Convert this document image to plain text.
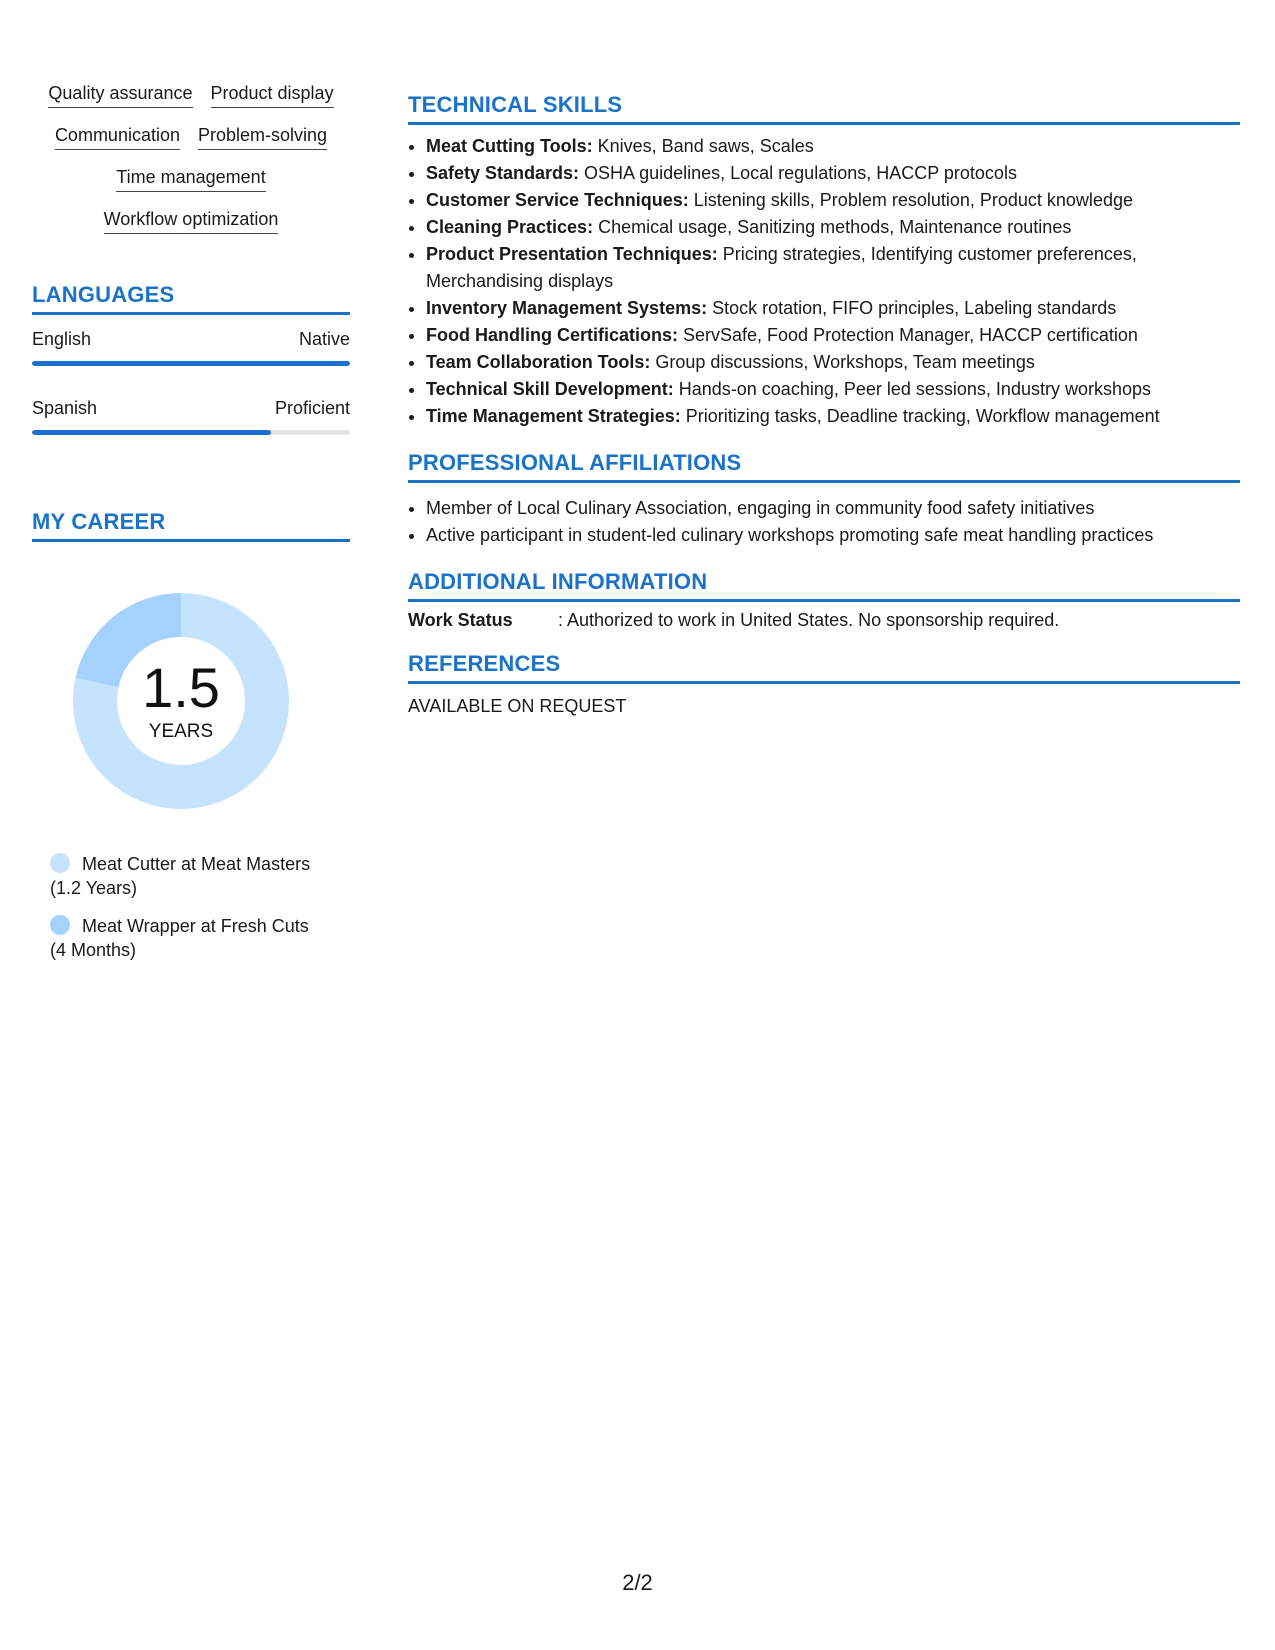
Quality assurance Product display
Communication Problem-solving
Time management
Workflow optimization
LANGUAGES
English	Native
Spanish	Proficient
MY CAREER
1.5
YEARS
Meat Cutter at Meat Masters
(1.2 Years)
Meat Wrapper at Fresh Cuts
(4 Months)
TECHNICAL SKILLS
• Meat Cutting Tools: Knives, Band saws, Scales
• Safety Standards: OSHA guidelines, Local regulations, HACCP protocols
• Customer Service Techniques: Listening skills, Problem resolution, Product knowledge
• Cleaning Practices: Chemical usage, Sanitizing methods, Maintenance routines
• Product Presentation Techniques: Pricing strategies, Identifying customer preferences, Merchandising displays
• Inventory Management Systems: Stock rotation, FIFO principles, Labeling standards
• Food Handling Certifications: ServSafe, Food Protection Manager, HACCP certification
• Team Collaboration Tools: Group discussions, Workshops, Team meetings
• Technical Skill Development: Hands-on coaching, Peer led sessions, Industry workshops
• Time Management Strategies: Prioritizing tasks, Deadline tracking, Workflow management
PROFESSIONAL AFFILIATIONS
• Member of Local Culinary Association, engaging in community food safety initiatives
• Active participant in student-led culinary workshops promoting safe meat handling practices
ADDITIONAL INFORMATION
Work Status	: Authorized to work in United States. No sponsorship required.
REFERENCES
AVAILABLE ON REQUEST
2/2
